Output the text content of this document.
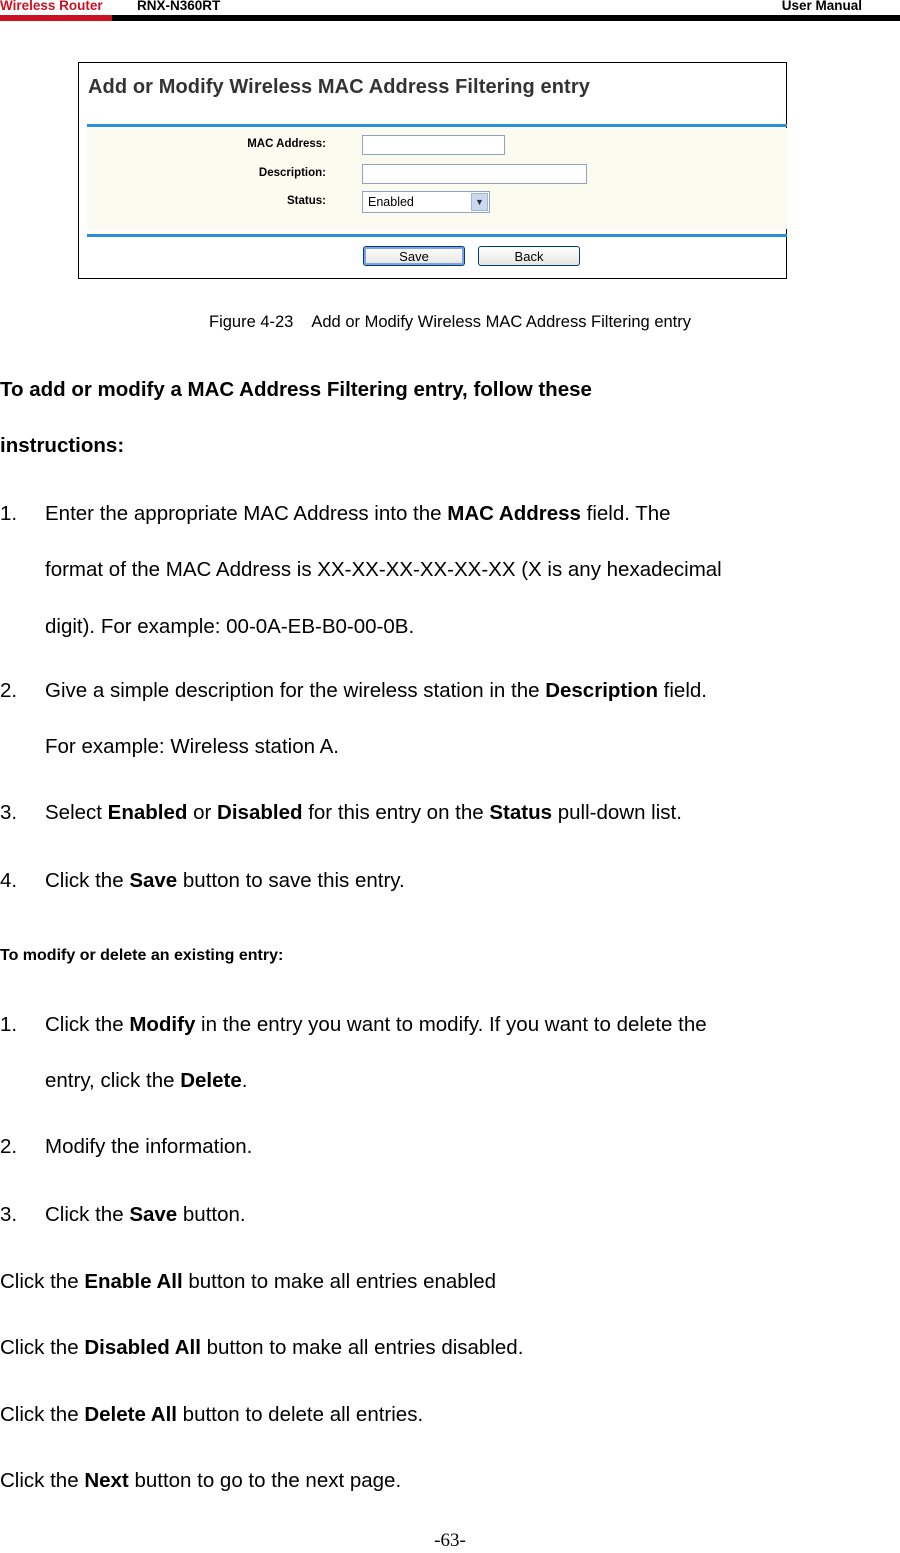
Wireless Router	RNX-N360RT	User Manual
Add or Modify Wireless MAC Address Filtering entry
MAC Address:
Description:
Status:	Enabled	▼
Save	Back
Figure 4-23 Add or Modify Wireless MAC Address Filtering entry
To add or modify a MAC Address Filtering entry, follow these
instructions:
1. Enter the appropriate MAC Address into the MAC Address field. The
format of the MAC Address is XX-XX-XX-XX-XX-XX (X is any hexadecimal
digit). For example: 00-0A-EB-B0-00-0B.
2. Give a simple description for the wireless station in the Description field.
For example: Wireless station A.
3. Select Enabled or Disabled for this entry on the Status pull-down list.
4. Click the Save button to save this entry.
To modify or delete an existing entry:
1. Click the Modify in the entry you want to modify. If you want to delete the
entry, click the Delete.
2. Modify the information.
3. Click the Save button.
Click the Enable All button to make all entries enabled
Click the Disabled All button to make all entries disabled.
Click the Delete All button to delete all entries.
Click the Next button to go to the next page.
-63-
